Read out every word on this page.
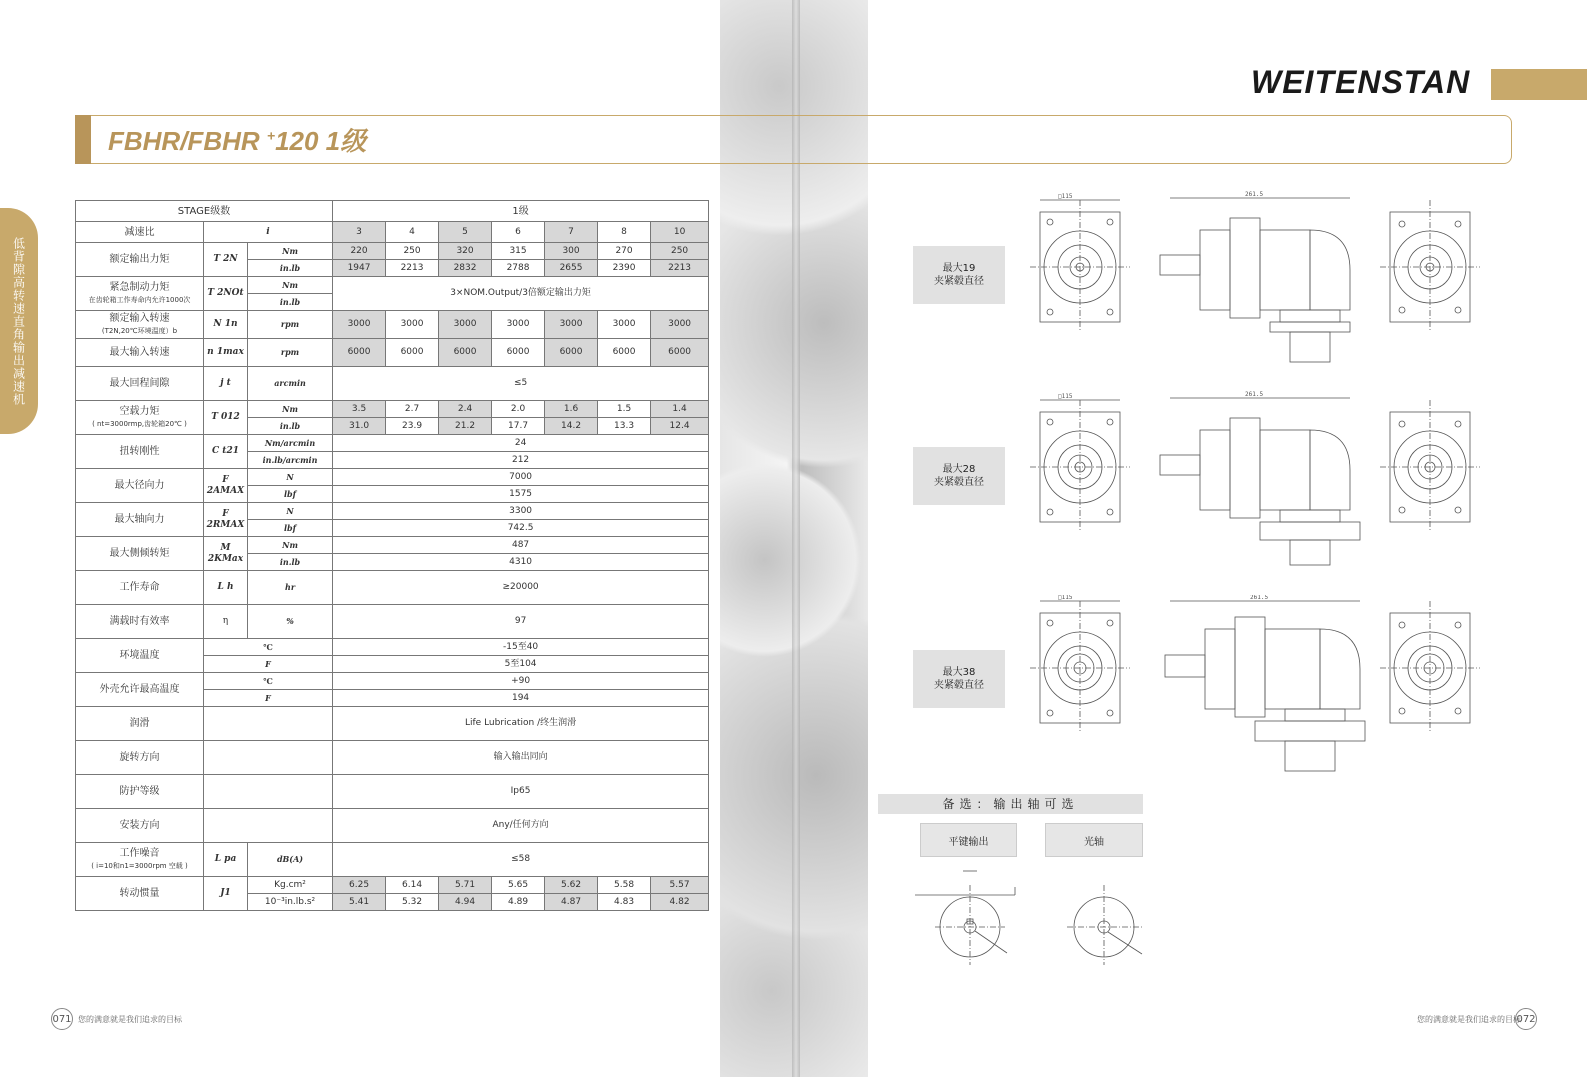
低背隙高转速直角输出减速机
WEITENSTAN
FBHR/FBHR +120 1级
STAGE级数			1级						
减速比	i		3	4	5	6	7	8	10
额定输出力矩	T 2N	Nm	220	250	320	315	300	270	250
		in.lb	1947	2213	2832	2788	2655	2390	2213

紧急制动力矩
在齿轮箱工作寿命内允许1000次	T 2NOt	Nm	3×NOM.Output/3倍额定输出力矩						
		in.lb							

额定输入转速
(T2N,20℃环境温度）b	N 1n	rpm	3000	3000	3000	3000	3000	3000	3000
最大输入转速	n 1max	rpm	6000	6000	6000	6000	6000	6000	6000
最大回程间隙	j t	arcmin	≤5						

空载力矩
( nt=3000rmp,齿轮箱20℃ )	T 012	Nm	3.5	2.7	2.4	2.0	1.6	1.5	1.4
		in.lb	31.0	23.9	21.2	17.7	14.2	13.3	12.4
扭转刚性	C t21	Nm/arcmin	24						
		in.lb/arcmin	212						
最大径向力	F 2AMAX	N	7000						
		lbf	1575						
最大轴向力	F 2RMAX	N	3300						
		lbf	742.5						
最大侧倾转矩	M 2KMax	Nm	487						
		in.lb	4310						
工作寿命	L h	hr	≥20000						
满载时有效率	η	%	97						
环境温度	℃		-15至40						
	F		5至104						
外壳允许最高温度	℃		+90						
	F		194						
润滑			Life Lubrication /终生润滑						
旋转方向			输入输出同向						
防护等级			Ip65						
安装方向			Any/任何方向						

工作噪音
( i=10和n1=3000rpm 空载 )	L pa	dB(A)	≤58						
转动惯量	J1	Kg.cm²	6.25	6.14	5.71	5.65	5.62	5.58	5.57
		10⁻³in.lb.s²	5.41	5.32	4.94	4.89	4.87	4.83	4.82
最大19
夹紧毂直径
最大28
夹紧毂直径
最大38
夹紧毂直径
□115	261.5
□115	261.5
□115	261.5
备选：输出轴可选
平键输出	光轴
071 您的满意就是我们追求的目标	您的满意就是我们追求的目标
072
